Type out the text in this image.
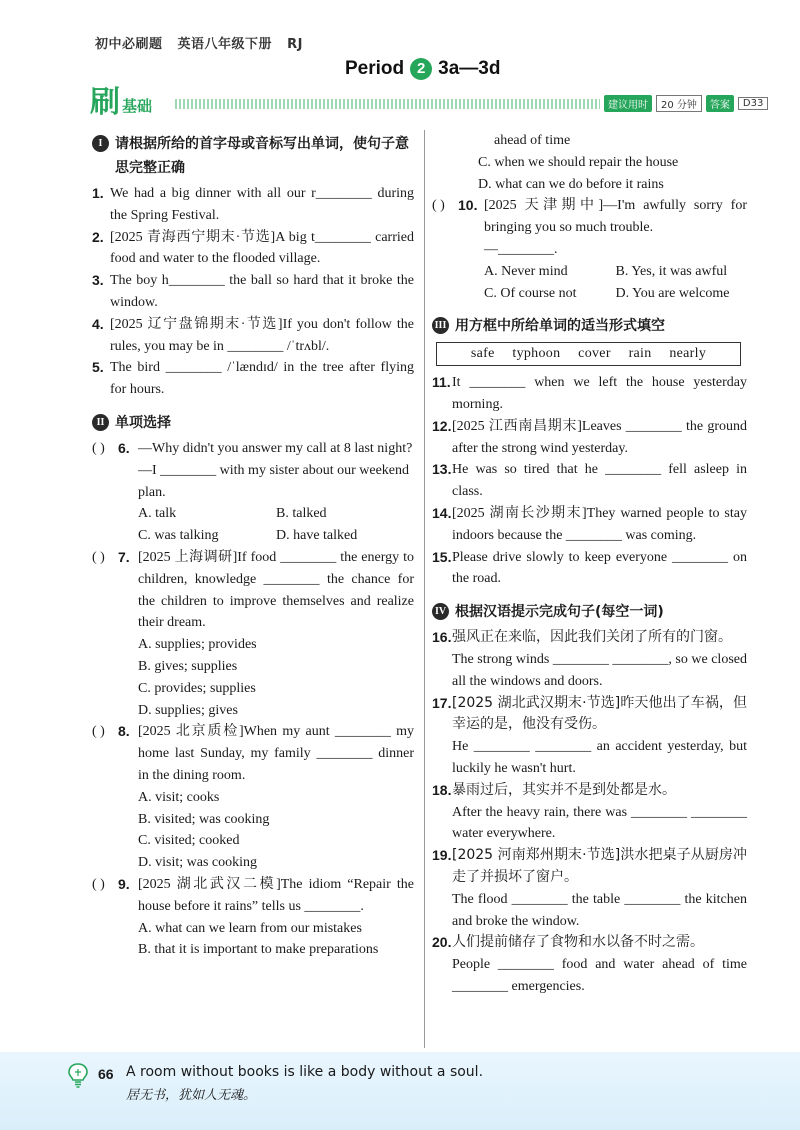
初中必刷题 英语八年级下册 RJ
Period 2 3a—3d
刷 基础	建议用时	20 分钟	答案	D33
I 请根据所给的首字母或音标写出单词，使句子意思完整正确
1. We had a big dinner with all our r________ during the Spring Festival.
2. [2025 青海西宁期末·节选]A big t________ carried food and water to the flooded village.
3. The boy h________ the ball so hard that it broke the window.
4. [2025 辽宁盘锦期末·节选]If you don't follow the rules, you may be in ________ /ˈtrʌbl/.
5. The bird ________ /ˈlændɪd/ in the tree after flying for hours.
II 单项选择
( ) 6. —Why didn't you answer my call at 8 last night?
—I ________ with my sister about our weekend plan.
A. talk	B. talked
C. was talking	D. have talked
( ) 7. [2025 上海调研]If food ________ the energy to children, knowledge ________ the chance for the children to improve themselves and realize their dream.
A. supplies; provides
B. gives; supplies
C. provides; supplies
D. supplies; gives
( ) 8. [2025 北京质检]When my aunt ________ my home last Sunday, my family ________ dinner in the dining room.
A. visit; cooks
B. visited; was cooking
C. visited; cooked
D. visit; was cooking
( ) 9. [2025 湖北武汉二模]The idiom “Repair the house before it rains” tells us ________.
A. what can we learn from our mistakes
B. that it is important to make preparations
ahead of time
C. when we should repair the house
D. what can we do before it rains
( ) 10. [2025 天津期中]—I'm awfully sorry for bringing you so much trouble.
—________.
A. Never mind	B. Yes, it was awful
C. Of course not	D. You are welcome
III 用方框中所给单词的适当形式填空
safe typhoon cover rain nearly
11. It ________ when we left the house yesterday morning.
12. [2025 江西南昌期末]Leaves ________ the ground after the strong wind yesterday.
13. He was so tired that he ________ fell asleep in class.
14. [2025 湖南长沙期末]They warned people to stay indoors because the ________ was coming.
15. Please drive slowly to keep everyone ________ on the road.
IV 根据汉语提示完成句子(每空一词)
16. 强风正在来临，因此我们关闭了所有的门窗。
The strong winds ________ ________, so we closed all the windows and doors.
17. [2025 湖北武汉期末·节选]昨天他出了车祸，但幸运的是，他没有受伤。
He ________ ________ an accident yesterday, but luckily he wasn't hurt.
18. 暴雨过后，其实并不是到处都是水。
After the heavy rain, there was ________ ________ water everywhere.
19. [2025 河南郑州期末·节选]洪水把桌子从厨房冲走了并损坏了窗户。
The flood ________ the table ________ the kitchen and broke the window.
20. 人们提前储存了食物和水以备不时之需。
People ________ food and water ahead of time ________ emergencies.
66 A room without books is like a body without a soul.
居无书，犹如人无魂。
